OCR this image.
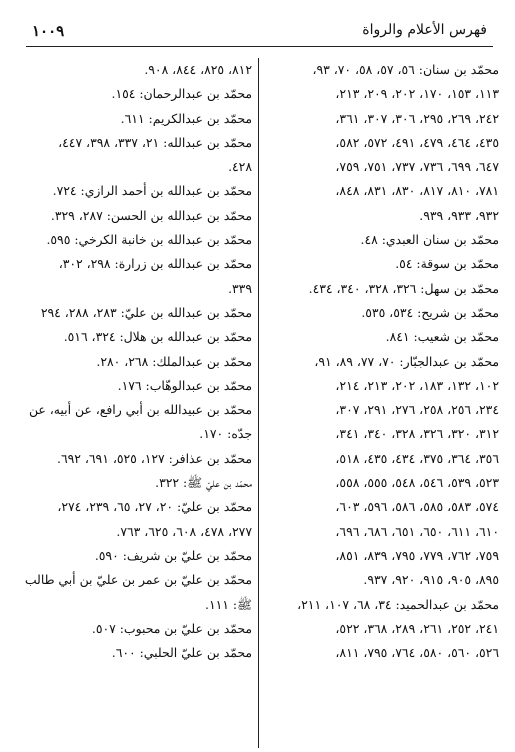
١٠٠٩	فهرس الأعلام والرواة
محمّد بن سنان: ٥٦، ٥٧، ٥٨، ٧٠، ٩٣،
١١٣، ١٥٣، ١٧٠، ٢٠٢، ٢٠٩، ٢١٣،
٢٤٢، ٢٦٩، ٢٩٥، ٣٠٦، ٣٠٧، ٣٦١،
٤٣٥، ٤٦٤، ٤٧٩، ٤٩١، ٥٧٢، ٥٨٢،
٦٤٧، ٦٩٩، ٧٣٦، ٧٣٧، ٧٥١، ٧٥٩،
٧٨١، ٨١٠، ٨١٧، ٨٣٠، ٨٣١، ٨٤٨،
٩٣٢، ٩٣٣، ٩٣٩.
محمّد بن سنان العبدي: ٤٨.
محمّد بن سوقة: ٥٤.
محمّد بن سهل: ٣٢٦، ٣٢٨، ٣٤٠، ٤٣٤.
محمّد بن شريح: ٥٣٤، ٥٣٥.
محمّد بن شعيب: ٨٤١.
محمّد بن عبدالجبّار: ٧٠، ٧٧، ٨٩، ٩١،
١٠٢، ١٣٢، ١٨٣، ٢٠٢، ٢١٣، ٢١٤،
٢٣٤، ٢٥٦، ٢٥٨، ٢٧٦، ٢٩١، ٣٠٧،
٣١٢، ٣٢٠، ٣٢٦، ٣٢٨، ٣٤٠، ٣٤١،
٣٥٦، ٣٦٤، ٣٧٥، ٤٣٤، ٤٣٥، ٥١٨،
٥٢٣، ٥٣٩، ٥٤٦، ٥٤٨، ٥٥٥، ٥٥٨،
٥٧٤، ٥٨٣، ٥٨٥، ٥٨٦، ٥٩٦، ٦٠٣،
٦١٠، ٦١١، ٦٥٠، ٦٥١، ٦٨٦، ٦٩٦،
٧٥٩، ٧٦٢، ٧٧٩، ٧٩٥، ٨٣٩، ٨٥١،
٨٩٥، ٩٠٥، ٩١٥، ٩٢٠، ٩٣٧.
محمّد بن عبدالحميد: ٣٤، ٦٨، ١٠٧، ٢١١،
٢٤١، ٢٥٢، ٢٦١، ٢٨٩، ٣٦٨، ٥٢٢،
٥٢٦، ٥٦٠، ٥٨٠، ٧٦٤، ٧٩٥، ٨١١،
٨١٢، ٨٢٥، ٨٤٤، ٩٠٨.
محمّد بن عبدالرحمان: ١٥٤.
محمّد بن عبدالكريم: ٦١١.
محمّد بن عبدالله: ٢١، ٣٣٧، ٣٩٨، ٤٤٧،
٤٢٨.
محمّد بن عبدالله بن أحمد الرازي: ٧٢٤.
محمّد بن عبدالله بن الحسن: ٢٨٧، ٣٢٩.
محمّد بن عبدالله بن خانبة الكرخي: ٥٩٥.
محمّد بن عبدالله بن زرارة: ٢٩٨، ٣٠٢،
٣٣٩.
محمّد بن عبدالله بن عليّ: ٢٨٣، ٢٨٨، ٢٩٤
محمّد بن عبدالله بن هلال: ٣٢٤، ٥١٦.
محمّد بن عبدالملك: ٢٦٨، ٢٨٠.
محمّد بن عبدالوهّاب: ١٧٦.
محمّد بن عبيدالله بن أبي رافع، عن أبيه، عن
جدّه: ١٧٠.
محمّد بن عذافر: ١٢٧، ٥٢٥، ٦٩١، ٦٩٢.
محمّد بن عليّ ﷺ: ٣٢٢.
محمّد بن عليّ: ٢٠، ٢٧، ٦٥، ٢٣٩، ٢٧٤،
٢٧٧، ٤٧٨، ٦٠٨، ٦٢٥، ٧٦٣.
محمّد بن عليّ بن شريف: ٥٩٠.
محمّد بن عليّ بن عمر بن عليّ بن أبي طالب
ﷺ: ١١١.
محمّد بن عليّ بن محبوب: ٥٠٧.
محمّد بن عليّ الحلبي: ٦٠٠.
